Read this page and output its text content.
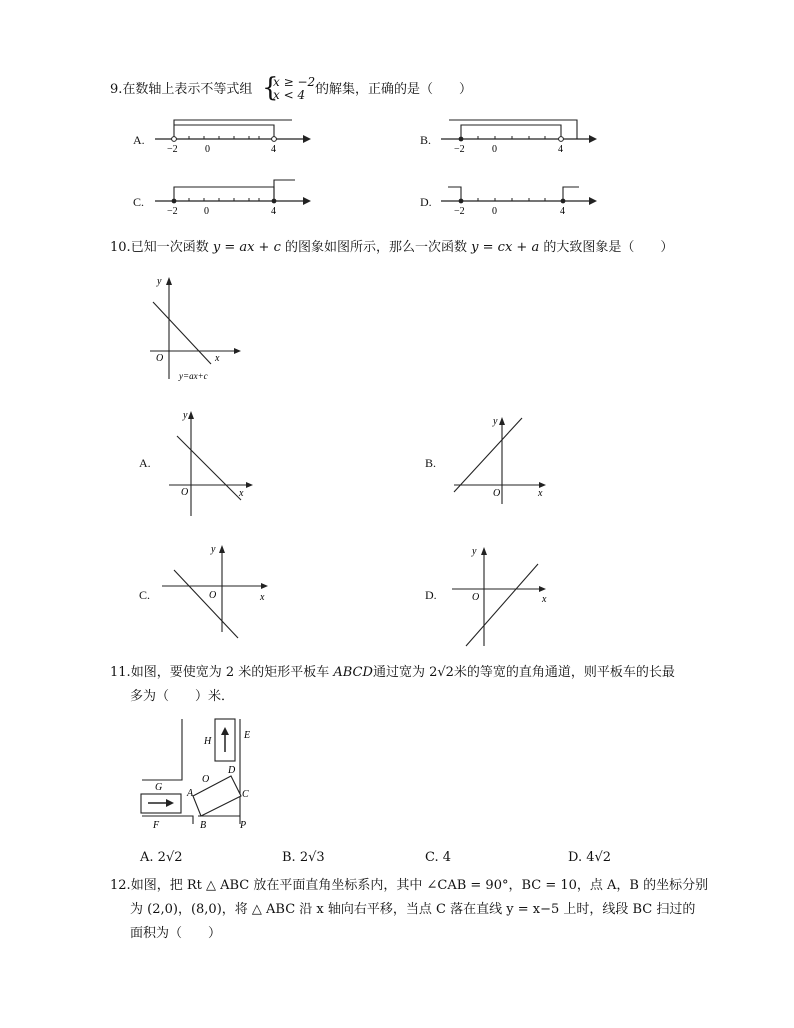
9.在数轴上表示不等式组 {
x ≥ −2,
x < 4 的解集，正确的是（　　）
A.
−2	0	4
B.
−2	0	4
C.
−2	0	4
D.
−2	0	4
10.已知一次函数 y = ax + c 的图象如图所示，那么一次函数 y = cx + a 的大致图象是（　　）
y
O	x
y=ax+c
A.
y
O	x
B.
y
O	x
C.
y
O	x	D.
y
O	x
11.如图，要使宽为 2 米的矩形平板车 ABCD通过宽为 2√2米的等宽的直角通道，则平板车的长最
多为（　　）米．
H
E
O
D
G
A	C
F	B	P
A. 2√2	B. 2√3	C. 4	D. 4√2
12.如图，把 Rt △ ABC 放在平面直角坐标系内，其中 ∠CAB = 90°，BC = 10，点 A，B 的坐标分别
为 (2,0)，(8,0)，将 △ ABC 沿 x 轴向右平移，当点 C 落在直线 y = x−5 上时，线段 BC 扫过的
面积为（　　）
